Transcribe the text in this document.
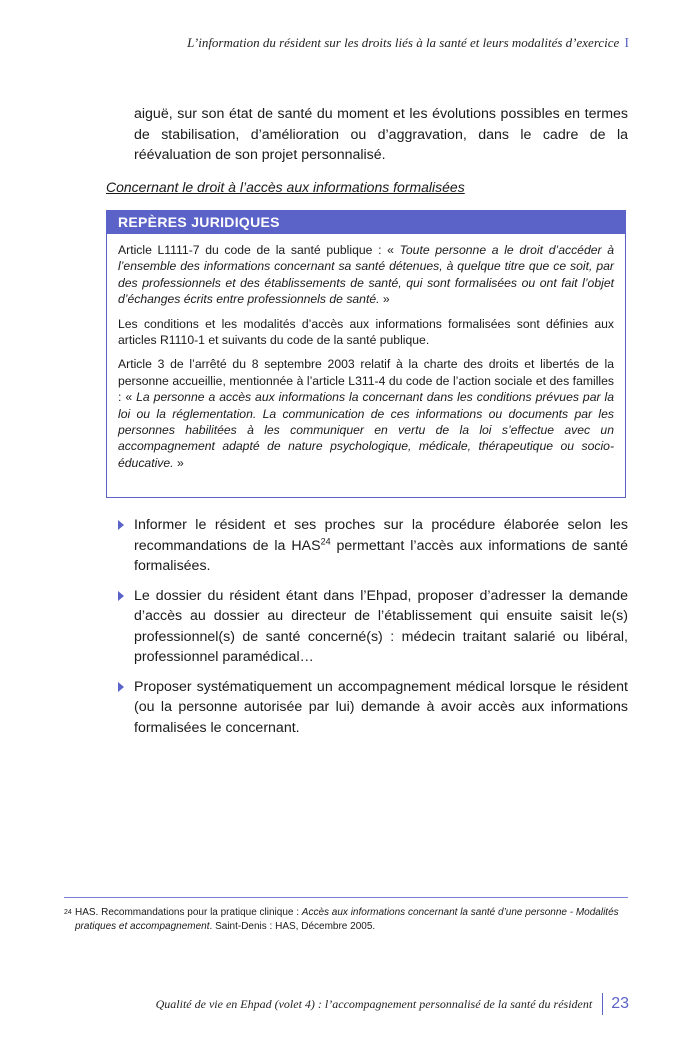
L’information du résident sur les droits liés à la santé et leurs modalités d’exercice I
aiguë, sur son état de santé du moment et les évolutions possibles en termes de stabilisation, d’amélioration ou d’aggravation, dans le cadre de la réévaluation de son projet personnalisé.
Concernant le droit à l’accès aux informations formalisées
REPÈRES JURIDIQUES

Article L1111-7 du code de la santé publique : « Toute personne a le droit d’accéder à l’ensemble des informations concernant sa santé détenues, à quelque titre que ce soit, par des professionnels et des établissements de santé, qui sont formalisées ou ont fait l’objet d’échanges écrits entre professionnels de santé. »

Les conditions et les modalités d’accès aux informations formalisées sont définies aux articles R1110-1 et suivants du code de la santé publique.

Article 3 de l’arrêté du 8 septembre 2003 relatif à la charte des droits et libertés de la personne accueillie, mentionnée à l’article L311-4 du code de l’action sociale et des familles : « La personne a accès aux informations la concernant dans les conditions prévues par la loi ou la réglementation. La communication de ces informations ou documents par les personnes habilitées à les communiquer en vertu de la loi s’effectue avec un accompagnement adapté de nature psychologique, médicale, thérapeutique ou socio-éducative. »

Informer le résident et ses proches sur la procédure élaborée selon les recommandations de la HAS$^{24}$ permettant l’accès aux informations de santé formalisées.
Le dossier du résident étant dans l’Ehpad, proposer d’adresser la demande d’accès au dossier au directeur de l’établissement qui ensuite saisit le(s) professionnel(s) de santé concerné(s) : médecin traitant salarié ou libéral, professionnel paramédical…
Proposer systématiquement un accompagnement médical lorsque le résident (ou la personne autorisée par lui) demande à avoir accès aux informations formalisées le concernant.
24 HAS. Recommandations pour la pratique clinique : Accès aux informations concernant la santé d’une personne - Modalités pratiques et accompagnement. Saint-Denis : HAS, Décembre 2005.
Qualité de vie en Ehpad (volet 4) : l’accompagnement personnalisé de la santé du résident 23
